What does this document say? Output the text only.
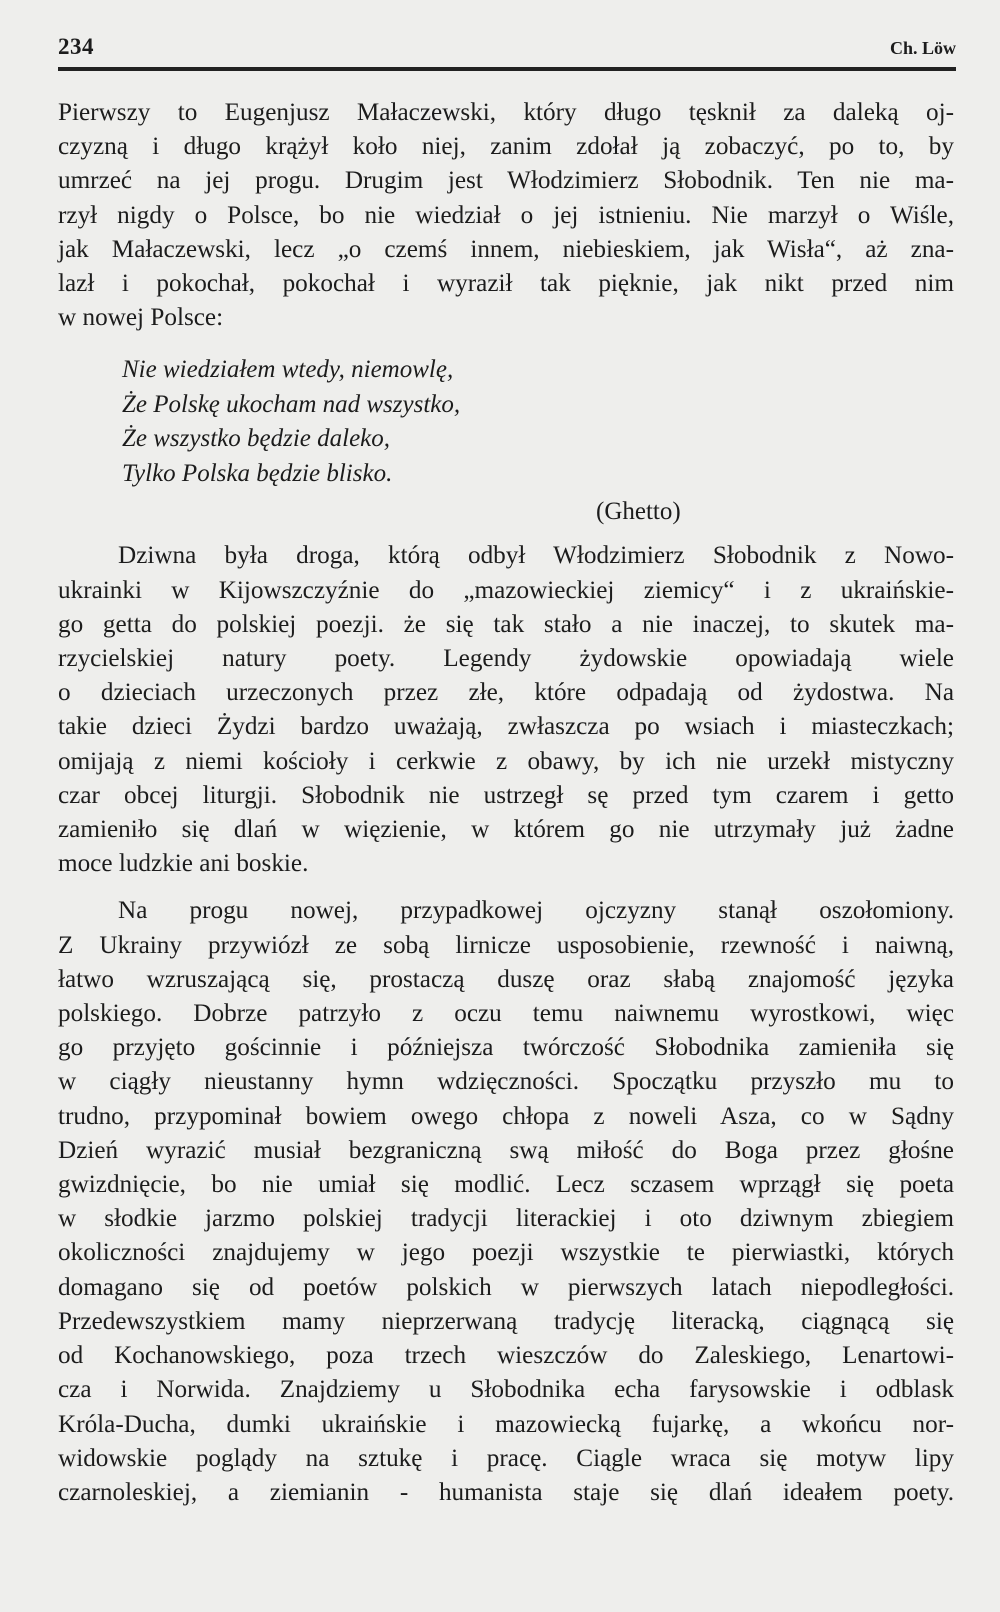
234	Ch. Löw

Pierwszy to Eugenjusz Małaczewski, który długo tęsknił za daleką oj-

czyzną i długo krążył koło niej, zanim zdołał ją zobaczyć, po to, by

umrzeć na jej progu. Drugim jest Włodzimierz Słobodnik. Ten nie ma-

rzył nigdy o Polsce, bo nie wiedział o jej istnieniu. Nie marzył o Wiśle,

jak Małaczewski, lecz „o czemś innem, niebieskiem, jak Wisła“, aż zna-

lazł i pokochał, pokochał i wyraził tak pięknie, jak nikt przed nim

w nowej Polsce:

Nie wiedziałem wtedy, niemowlę,
Że Polskę ukocham nad wszystko,
Że wszystko będzie daleko,
Tylko Polska będzie blisko.
(Ghetto)

Dziwna była droga, którą odbył Włodzimierz Słobodnik z Nowo-

ukrainki w Kijowszczyźnie do „mazowieckiej ziemicy“ i z ukraińskie-

go getta do polskiej poezji. że się tak stało a nie inaczej, to skutek ma-

rzycielskiej natury poety. Legendy żydowskie opowiadają wiele

o dzieciach urzeczonych przez złe, które odpadają od żydostwa. Na

takie dzieci Żydzi bardzo uważają, zwłaszcza po wsiach i miasteczkach;

omijają z niemi kościoły i cerkwie z obawy, by ich nie urzekł mistyczny

czar obcej liturgji. Słobodnik nie ustrzegł sę przed tym czarem i getto

zamieniło się dlań w więzienie, w którem go nie utrzymały już żadne

moce ludzkie ani boskie.

Na progu nowej, przypadkowej ojczyzny stanął oszołomiony.

Z Ukrainy przywiózł ze sobą lirnicze usposobienie, rzewność i naiwną,

łatwo wzruszającą się, prostaczą duszę oraz słabą znajomość języka

polskiego. Dobrze patrzyło z oczu temu naiwnemu wyrostkowi, więc

go przyjęto gościnnie i późniejsza twórczość Słobodnika zamieniła się

w ciągły nieustanny hymn wdzięczności. Spoczątku przyszło mu to

trudno, przypominał bowiem owego chłopa z noweli Asza, co w Sądny

Dzień wyrazić musiał bezgraniczną swą miłość do Boga przez głośne

gwizdnięcie, bo nie umiał się modlić. Lecz sczasem wprzągł się poeta

w słodkie jarzmo polskiej tradycji literackiej i oto dziwnym zbiegiem

okoliczności znajdujemy w jego poezji wszystkie te pierwiastki, których

domagano się od poetów polskich w pierwszych latach niepodległości.

Przedewszystkiem mamy nieprzerwaną tradycję literacką, ciągnącą się

od Kochanowskiego, poza trzech wieszczów do Zaleskiego, Lenartowi-

cza i Norwida. Znajdziemy u Słobodnika echa farysowskie i odblask

Króla-Ducha, dumki ukraińskie i mazowiecką fujarkę, a wkońcu nor-

widowskie poglądy na sztukę i pracę. Ciągle wraca się motyw lipy

czarnoleskiej, a ziemianin - humanista staje się dlań ideałem poety.
